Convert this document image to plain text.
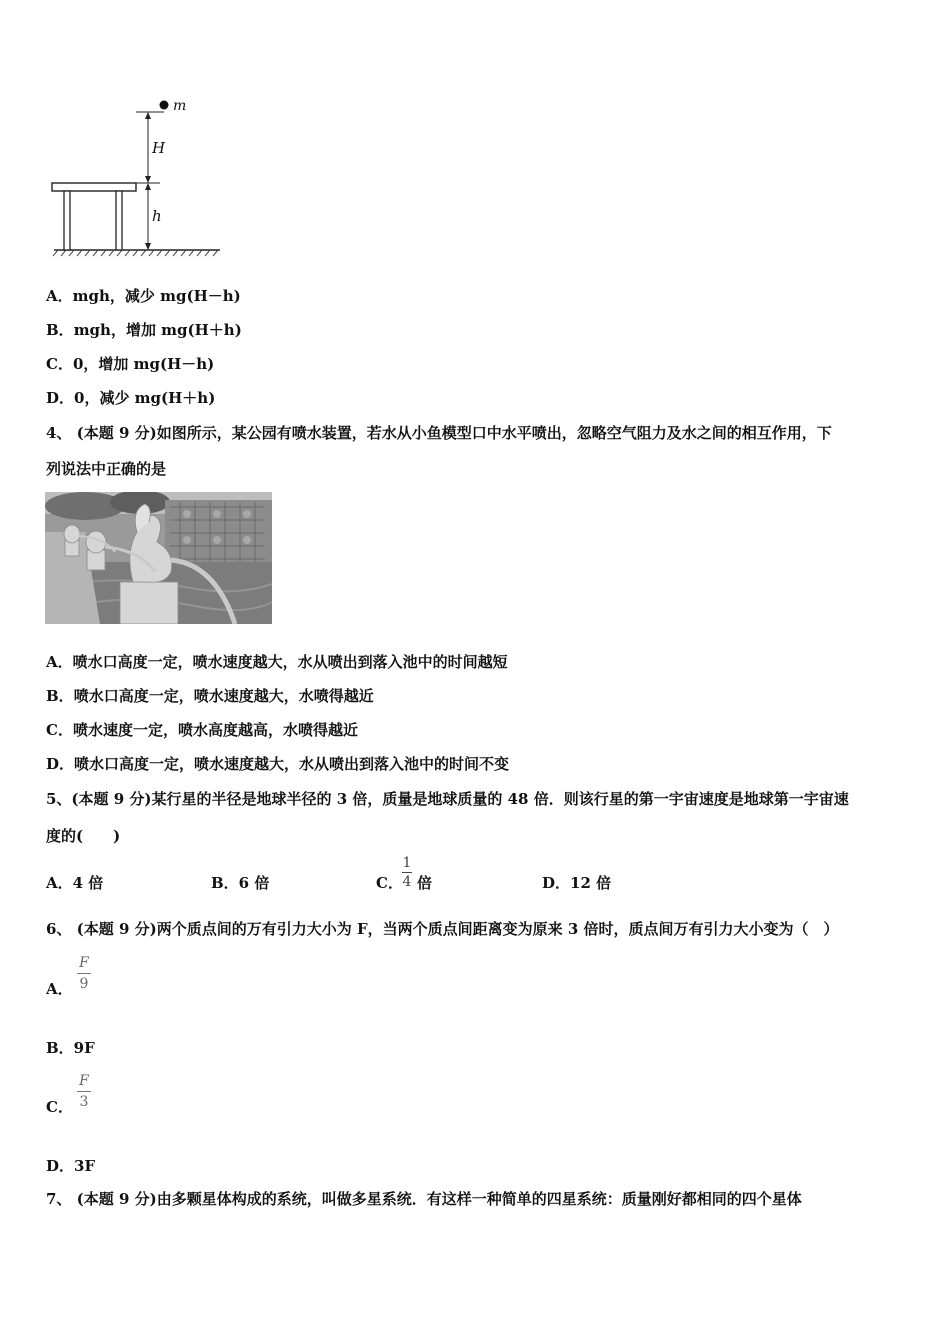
m
H
h
A．mgh，减少 mg(H－h)
B．mgh，增加 mg(H＋h)
C．0，增加 mg(H－h)
D．0，减少 mg(H＋h)
4、 (本题 9 分)如图所示，某公园有喷水装置，若水从小鱼模型口中水平喷出，忽略空气阻力及水之间的相互作用，下
列说法中正确的是
A．喷水口高度一定，喷水速度越大，水从喷出到落入池中的时间越短
B．喷水口高度一定，喷水速度越大，水喷得越近
C．喷水速度一定，喷水高度越高，水喷得越近
D．喷水口高度一定，喷水速度越大，水从喷出到落入池中的时间不变
5、(本题 9 分)某行星的半径是地球半径的 3 倍，质量是地球质量的 48 倍．则该行星的第一宇宙速度是地球第一宇宙速
度的(　　)
A．4 倍	B．6 倍	C．
1
4 倍	D．12 倍
6、 (本题 9 分)两个质点间的万有引力大小为 F，当两个质点间距离变为原来 3 倍时，质点间万有引力大小变为（　）
A．
F
9
B．9F
C．
F
3
D．3F
7、 (本题 9 分)由多颗星体构成的系统，叫做多星系统．有这样一种简单的四星系统：质量刚好都相同的四个星体
